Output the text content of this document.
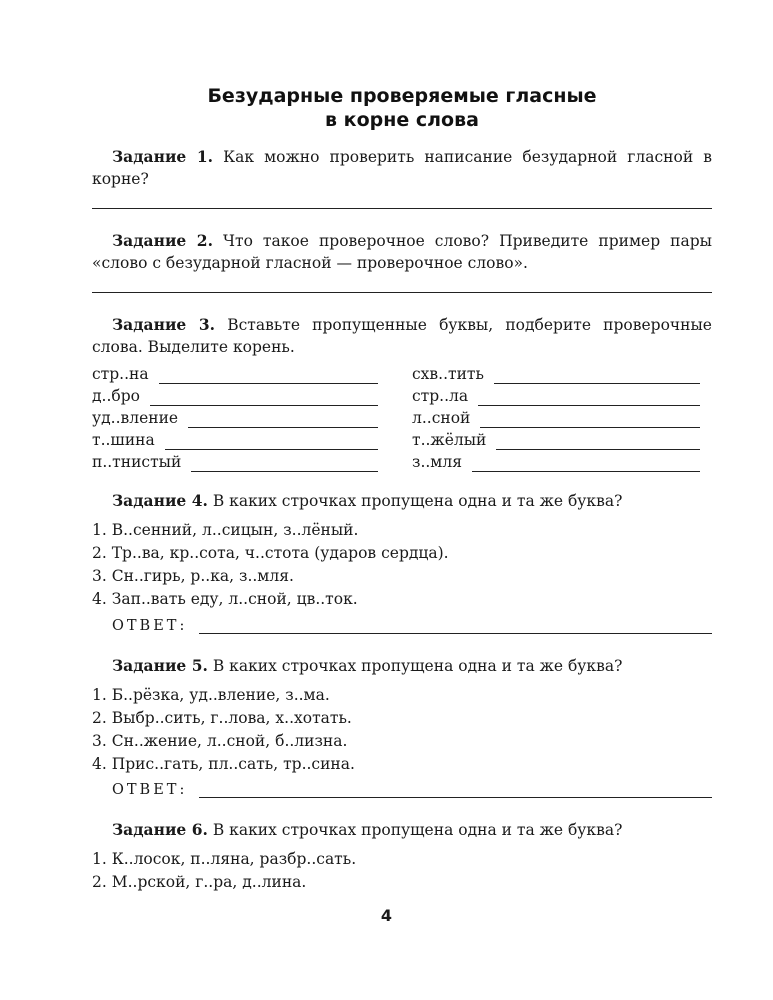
Безударные проверяемые гласные
в корне слова
Задание 1. Как можно проверить написание безударной гласной в корне?
Задание 2. Что такое проверочное слово? Приведите пример пары «слово с безударной гласной — проверочное слово».
Задание 3. Вставьте пропущенные буквы, подберите проверочные слова. Выделите корень.
стр..на
д..бро
уд..вление
т..шина
п..тнистый
схв..тить
стр..ла
л..сной
т..жёлый
з..мля
Задание 4. В каких строчках пропущена одна и та же буква?
1. В..сенний, л..сицын, з..лёный.
2. Тр..ва, кр..сота, ч..стота (ударов сердца).
3. Сн..гирь, р..ка, з..мля.
4. Зап..вать еду, л..сной, цв..ток.
ОТВЕТ:
Задание 5. В каких строчках пропущена одна и та же буква?
1. Б..рёзка, уд..вление, з..ма.
2. Выбр..сить, г..лова, х..хотать.
3. Сн..жение, л..сной, б..лизна.
4. Прис..гать, пл..сать, тр..сина.
ОТВЕТ:
Задание 6. В каких строчках пропущена одна и та же буква?
1. К..лосок, п..ляна, разбр..сать.
2. М..рской, г..ра, д..лина.
4
